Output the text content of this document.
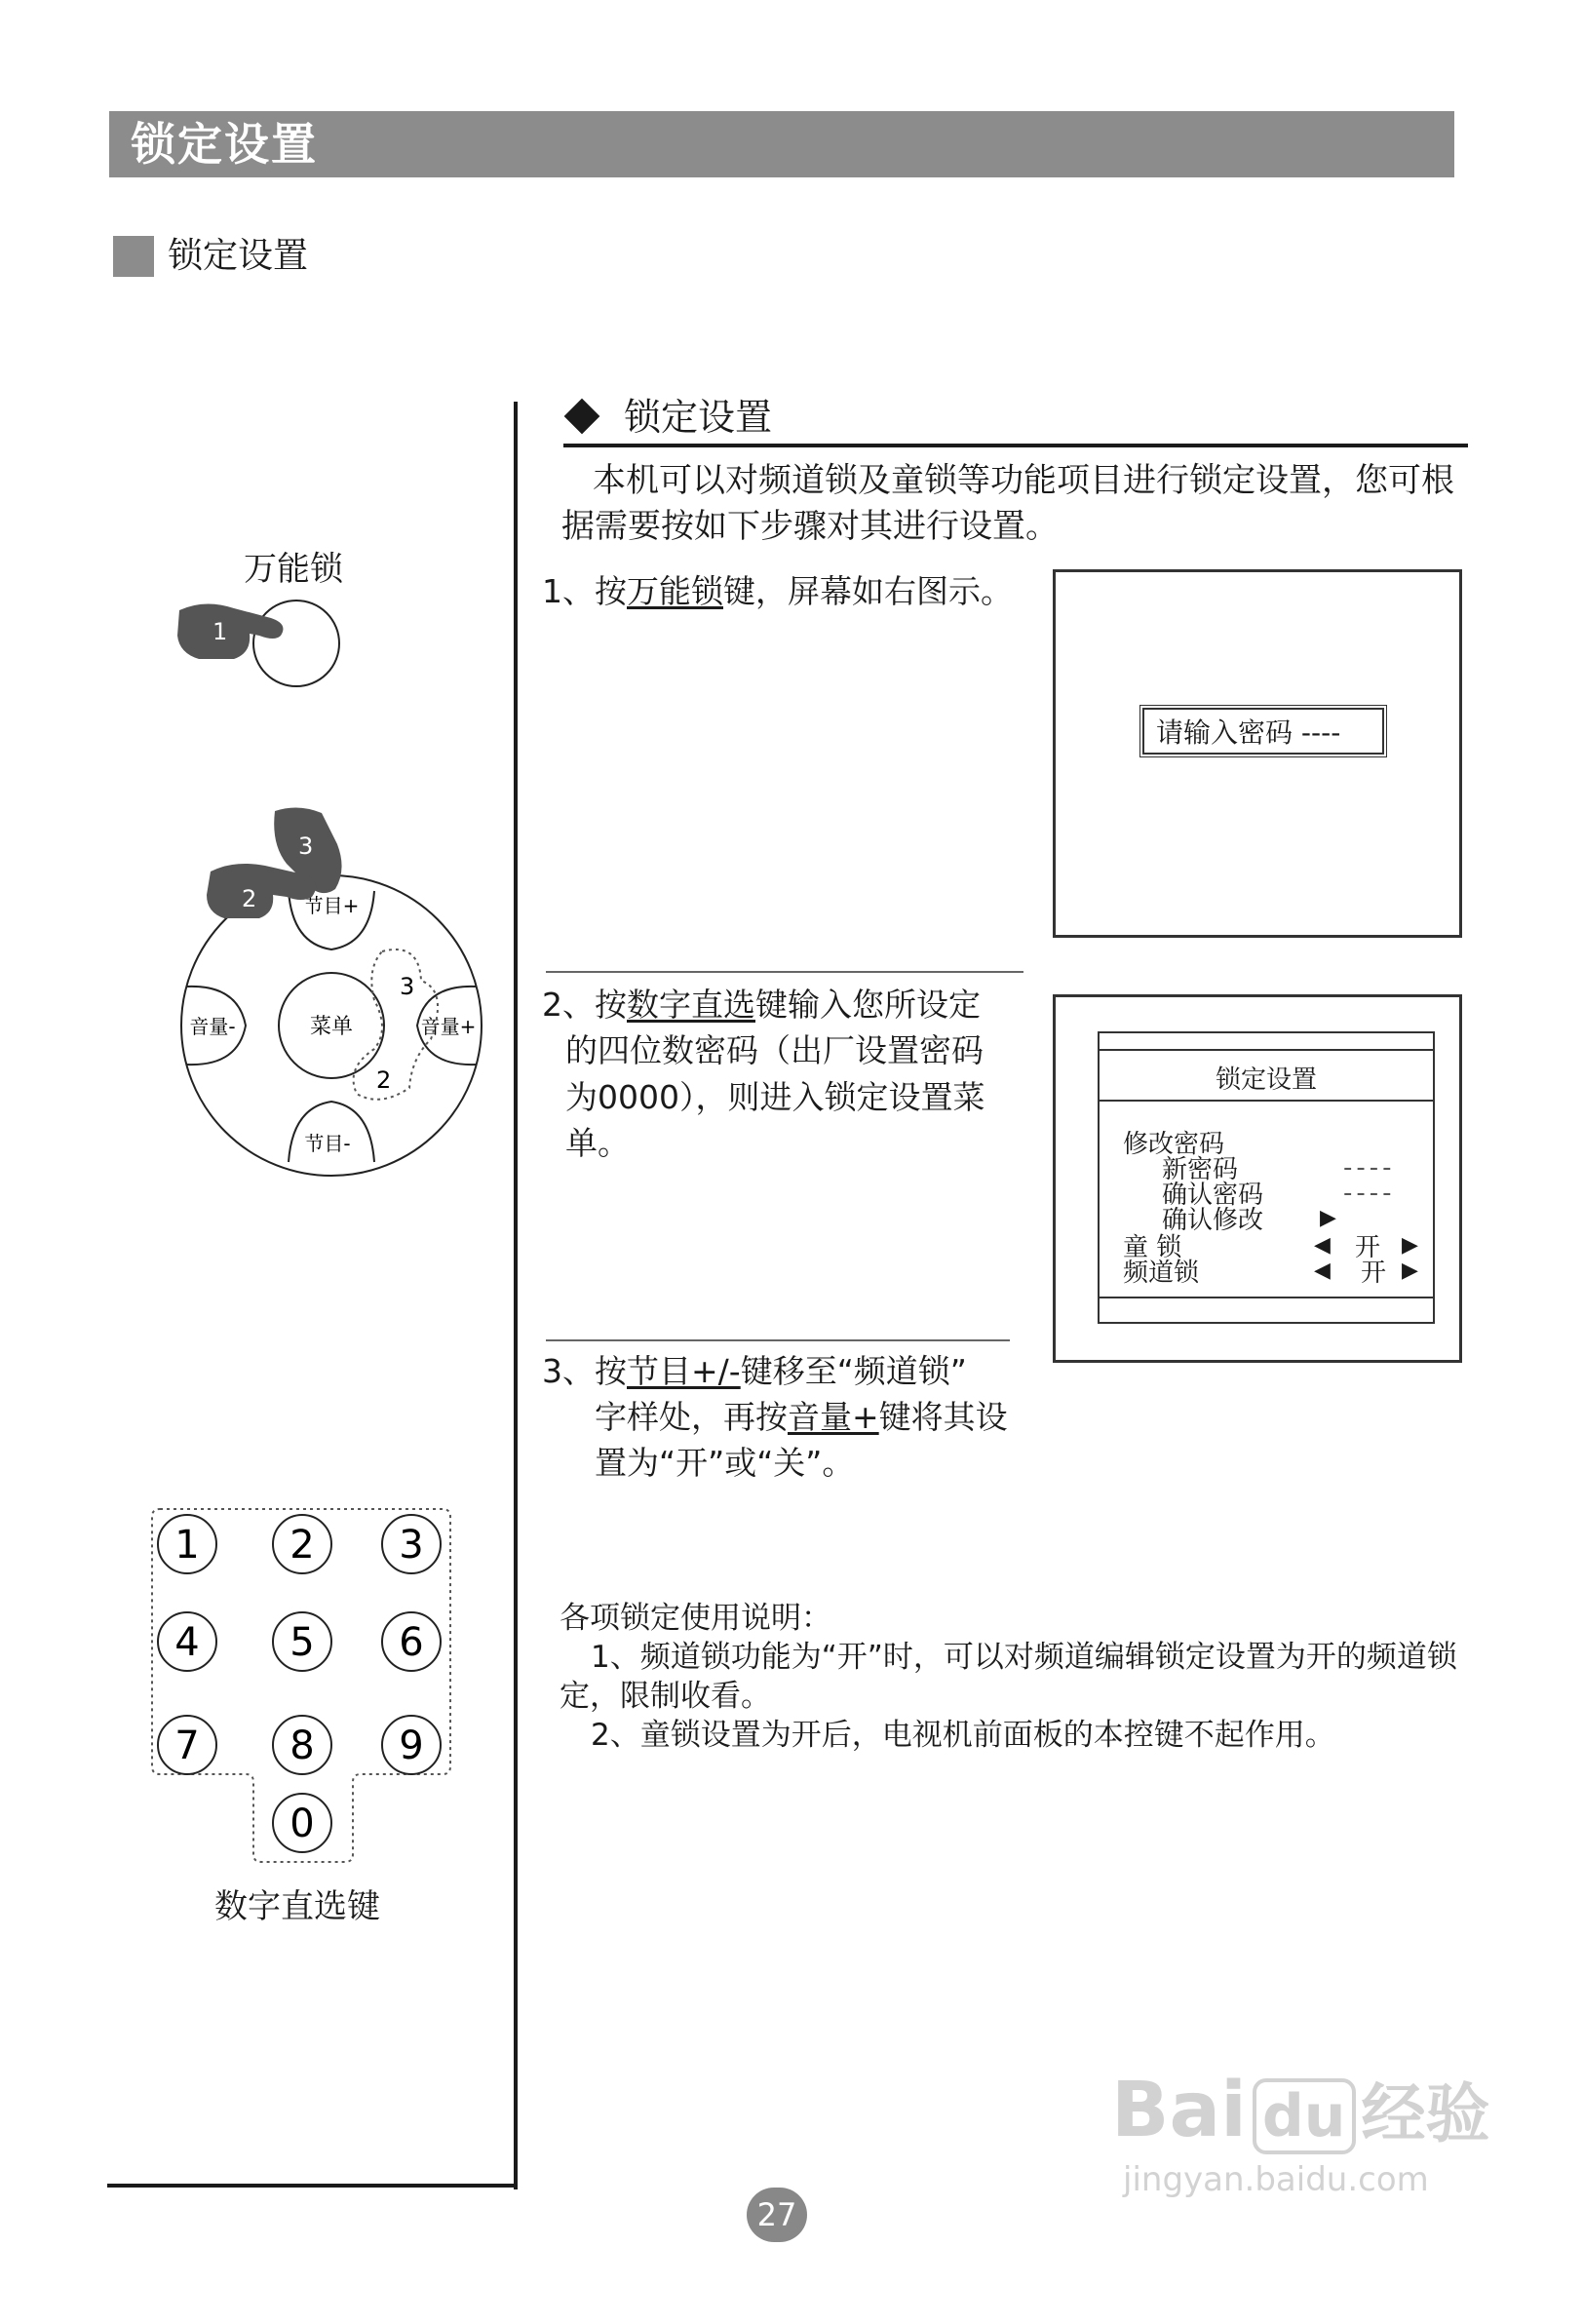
锁定设置
锁定设置
锁定设置
本机可以对频道锁及童锁等功能项目进行锁定设置，您可根据需要按如下步骤对其进行设置。
1、按万能锁键，屏幕如右图示。
请输入密码 ----
2、按数字直选键输入您所设定
的四位数密码（出厂设置密码
为0000），则进入锁定设置菜
单。
锁定设置
修改密码
新密码	----
确认密码	----
确认修改	▶
童 锁	◀ 开 ▶
频道锁	◀ 开 ▶
3、按节目+/-键移至“频道锁”
字样处，再按音量+键将其设
置为“开”或“关”。
各项锁定使用说明：
1、频道锁功能为“开”时，可以对频道编辑锁定设置为开的频道锁定，限制收看。
2、童锁设置为开后，电视机前面板的本控键不起作用。
万能锁
1
菜单
节目+
节目-
音量-	音量+
3
2
3
2
1 2 3
4 5 6
7 8 9
0
数字直选键
27
Bai du 经验
jingyan.baidu.com
